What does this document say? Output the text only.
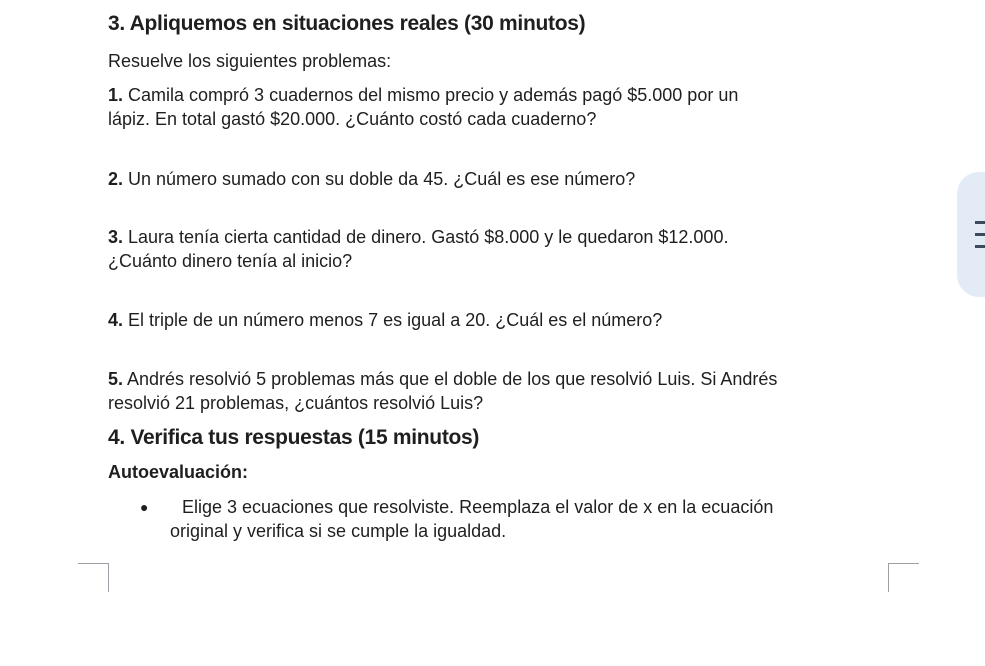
3. Apliquemos en situaciones reales (30 minutos)

Resuelve los siguientes problemas:

1. Camila compró 3 cuadernos del mismo precio y además pagó $5.000 por un
lápiz. En total gastó $20.000. ¿Cuánto costó cada cuaderno?

2. Un número sumado con su doble da 45. ¿Cuál es ese número?

3. Laura tenía cierta cantidad de dinero. Gastó $8.000 y le quedaron $12.000.
¿Cuánto dinero tenía al inicio?

4. El triple de un número menos 7 es igual a 20. ¿Cuál es el número?

5. Andrés resolvió 5 problemas más que el doble de los que resolvió Luis. Si Andrés
resolvió 21 problemas, ¿cuántos resolvió Luis?

4. Verifica tus respuestas (15 minutos)

Autoevaluación:

● Elige 3 ecuaciones que resolviste. Reemplaza el valor de x en la ecuación
original y verifica si se cumple la igualdad.
